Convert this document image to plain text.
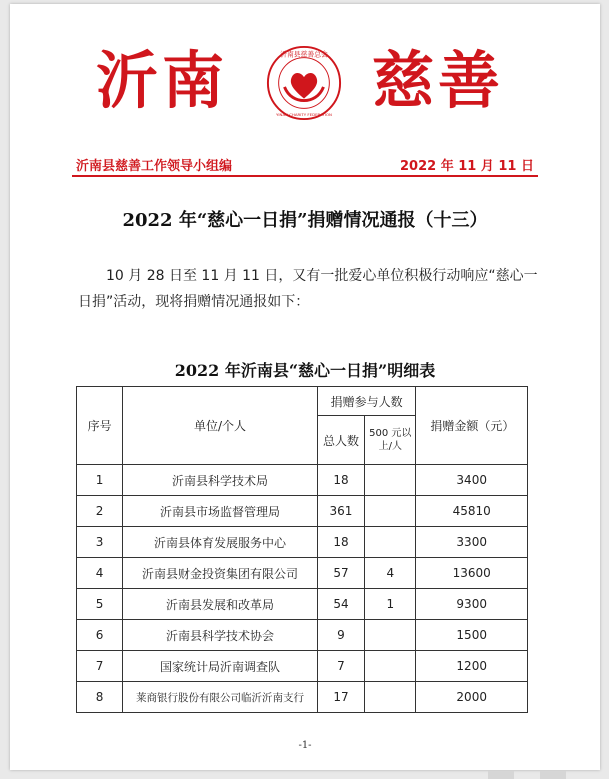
沂南	沂南县慈善总会
YINAN CHARITY FEDERATION 慈善
沂南县慈善工作领导小组编	2022 年 11 月 11 日
2022 年“慈心一日捐”捐赠情况通报（十三）
10 月 28 日至 11 月 11 日，又有一批爱心单位积极行动响应“慈心一日捐”活动，现将捐赠情况通报如下：
2022 年沂南县“慈心一日捐”明细表
序号	单位/个人	捐赠参与人数		捐赠金额（元）
		总人数	500 元以上/人	
1	沂南县科学技术局	18		3400
2	沂南县市场监督管理局	361		45810
3	沂南县体育发展服务中心	18		3300
4	沂南县财金投资集团有限公司	57	4	13600
5	沂南县发展和改革局	54	1	9300
6	沂南县科学技术协会	9		1500
7	国家统计局沂南调查队	7		1200
8	莱商银行股份有限公司临沂沂南支行	17		2000
-1-
